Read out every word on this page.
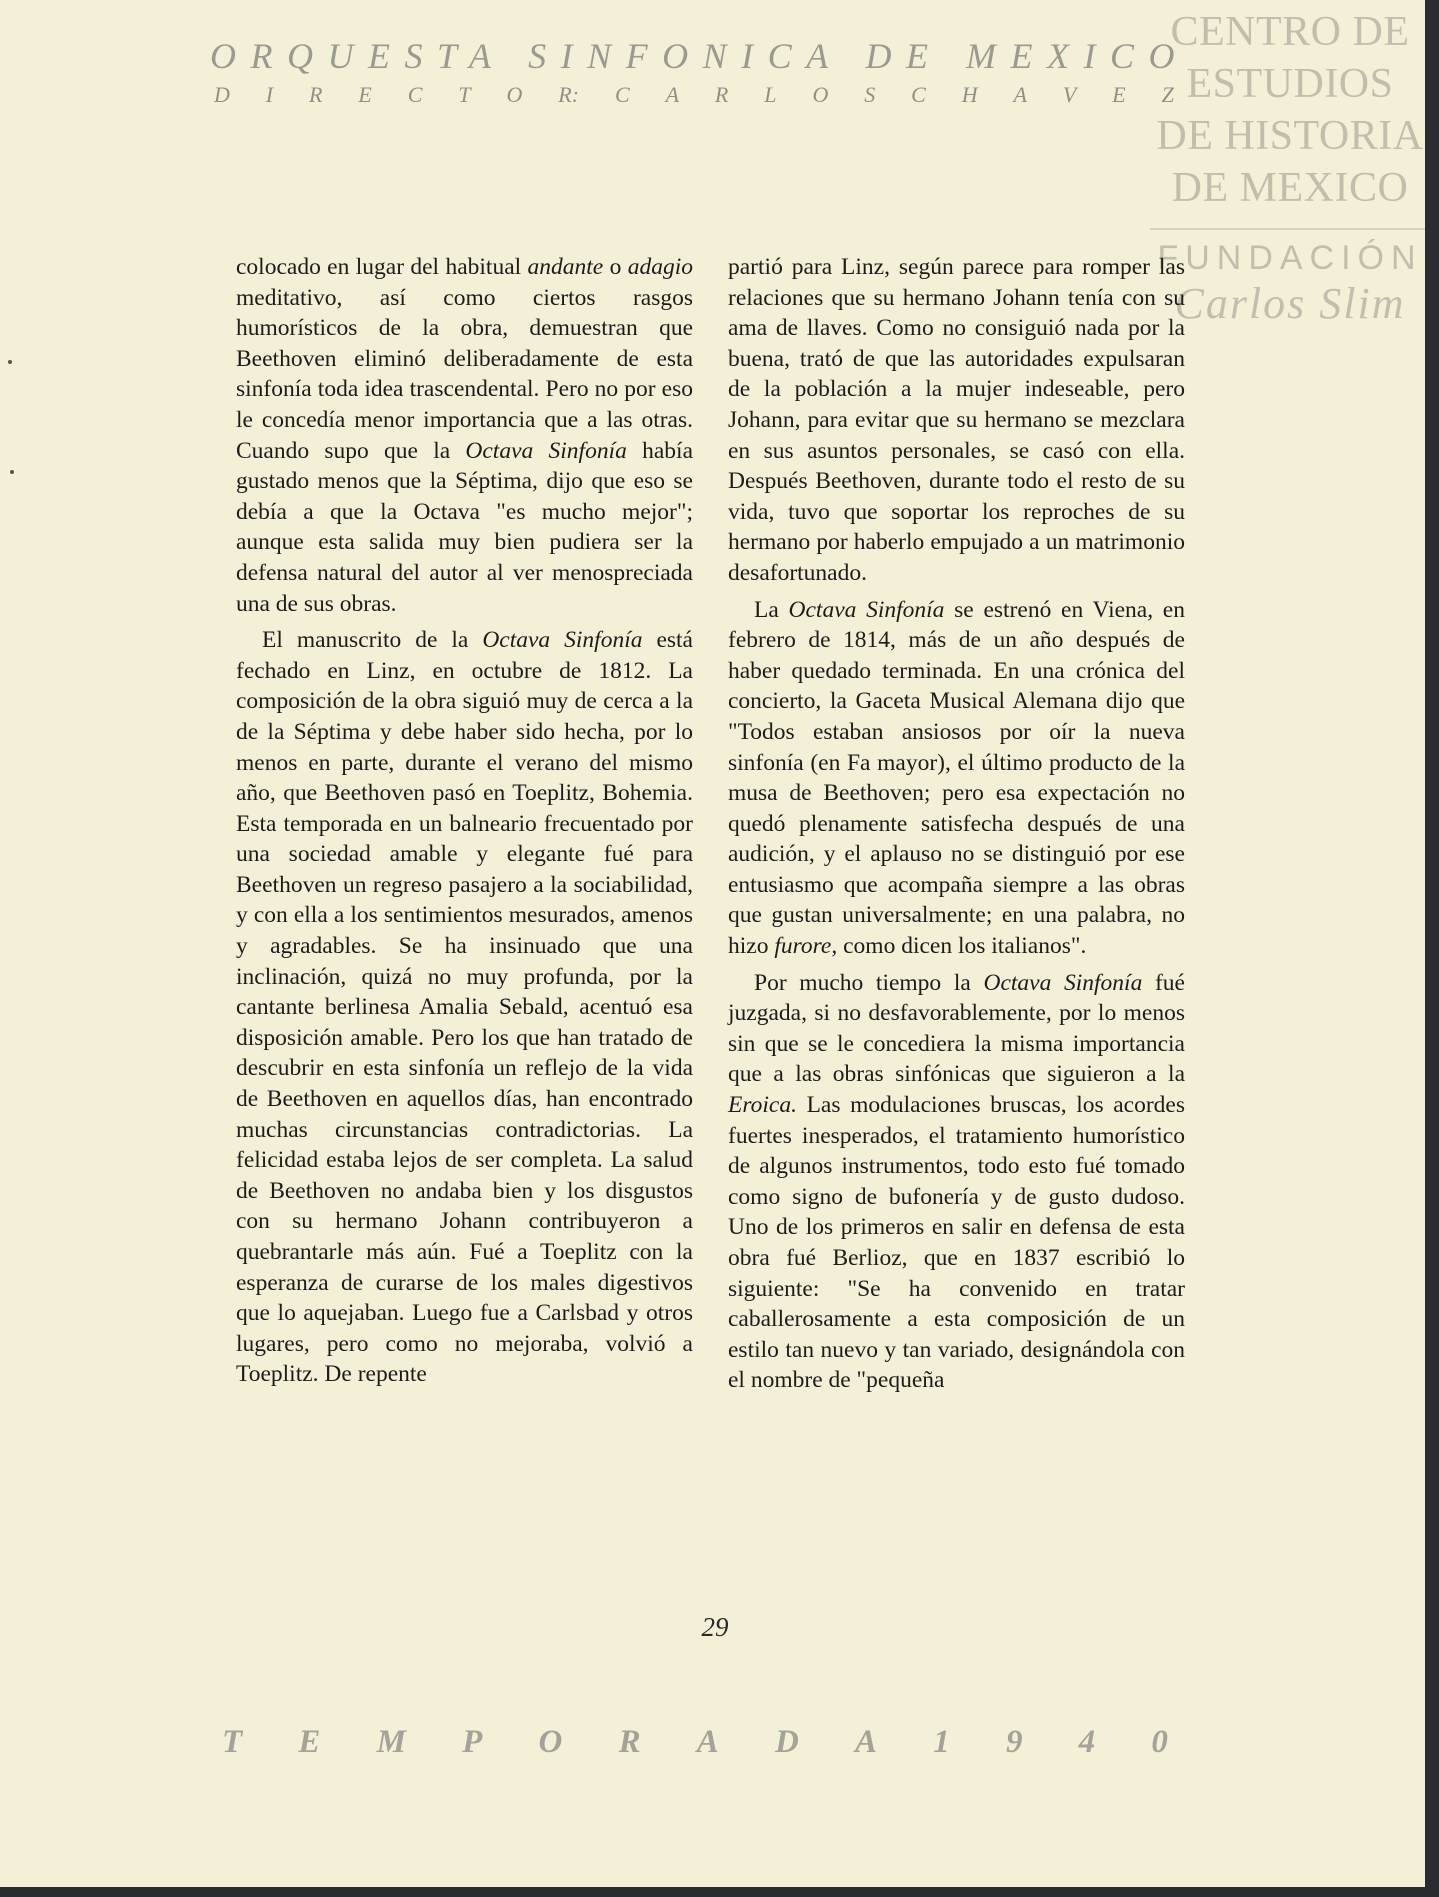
ORQUESTA SINFONICA DE MEXICO
D I R E C T O R: C A R L O S C H A V E Z
CENTRO DE
ESTUDIOS
DE HISTORIA
DE MEXICO
FUNDACIÓN
Carlos Slim

colocado en lugar del habitual andante o adagio meditativo, así como ciertos rasgos humorísticos de la obra, demuestran que Beethoven eliminó deliberadamente de esta sinfonía toda idea trascendental. Pero no por eso le concedía menor importancia que a las otras. Cuando supo que la Octava Sinfonía había gustado menos que la Séptima, dijo que eso se debía a que la Octava "es mucho mejor"; aunque esta salida muy bien pudiera ser la defensa natural del autor al ver menospreciada una de sus obras.

El manuscrito de la Octava Sinfonía está fechado en Linz, en octubre de 1812. La composición de la obra siguió muy de cerca a la de la Séptima y debe haber sido hecha, por lo menos en parte, durante el verano del mismo año, que Beethoven pasó en Toeplitz, Bohemia. Esta temporada en un balneario frecuentado por una sociedad amable y elegante fué para Beethoven un regreso pasajero a la sociabilidad, y con ella a los sentimientos mesurados, amenos y agradables. Se ha insinuado que una inclinación, quizá no muy profunda, por la cantante berlinesa Amalia Sebald, acentuó esa disposición amable. Pero los que han tratado de descubrir en esta sinfonía un reflejo de la vida de Beethoven en aquellos días, han encontrado muchas circunstancias contradictorias. La felicidad estaba lejos de ser completa. La salud de Beethoven no andaba bien y los disgustos con su hermano Johann contribuyeron a quebrantarle más aún. Fué a Toeplitz con la esperanza de curarse de los males digestivos que lo aquejaban. Luego fue a Carlsbad y otros lugares, pero como no mejoraba, volvió a Toeplitz. De repente

partió para Linz, según parece para romper las relaciones que su hermano Johann tenía con su ama de llaves. Como no consiguió nada por la buena, trató de que las autoridades expulsaran de la población a la mujer indeseable, pero Johann, para evitar que su hermano se mezclara en sus asuntos personales, se casó con ella. Después Beethoven, durante todo el resto de su vida, tuvo que soportar los reproches de su hermano por haberlo empujado a un matrimonio desafortunado.

La Octava Sinfonía se estrenó en Viena, en febrero de 1814, más de un año después de haber quedado terminada. En una crónica del concierto, la Gaceta Musical Alemana dijo que "Todos estaban ansiosos por oír la nueva sinfonía (en Fa mayor), el último producto de la musa de Beethoven; pero esa expectación no quedó plenamente satisfecha después de una audición, y el aplauso no se distinguió por ese entusiasmo que acompaña siempre a las obras que gustan universalmente; en una palabra, no hizo furore, como dicen los italianos".

Por mucho tiempo la Octava Sinfonía fué juzgada, si no desfavorablemente, por lo menos sin que se le concediera la misma importancia que a las obras sinfónicas que siguieron a la Eroica. Las modulaciones bruscas, los acordes fuertes inesperados, el tratamiento humorístico de algunos instrumentos, todo esto fué tomado como signo de bufonería y de gusto dudoso. Uno de los primeros en salir en defensa de esta obra fué Berlioz, que en 1837 escribió lo siguiente: "Se ha convenido en tratar caballerosamente a esta composición de un estilo tan nuevo y tan variado, designándola con el nombre de "pequeña

29
T E M P O R A D A 1 9 4 0
